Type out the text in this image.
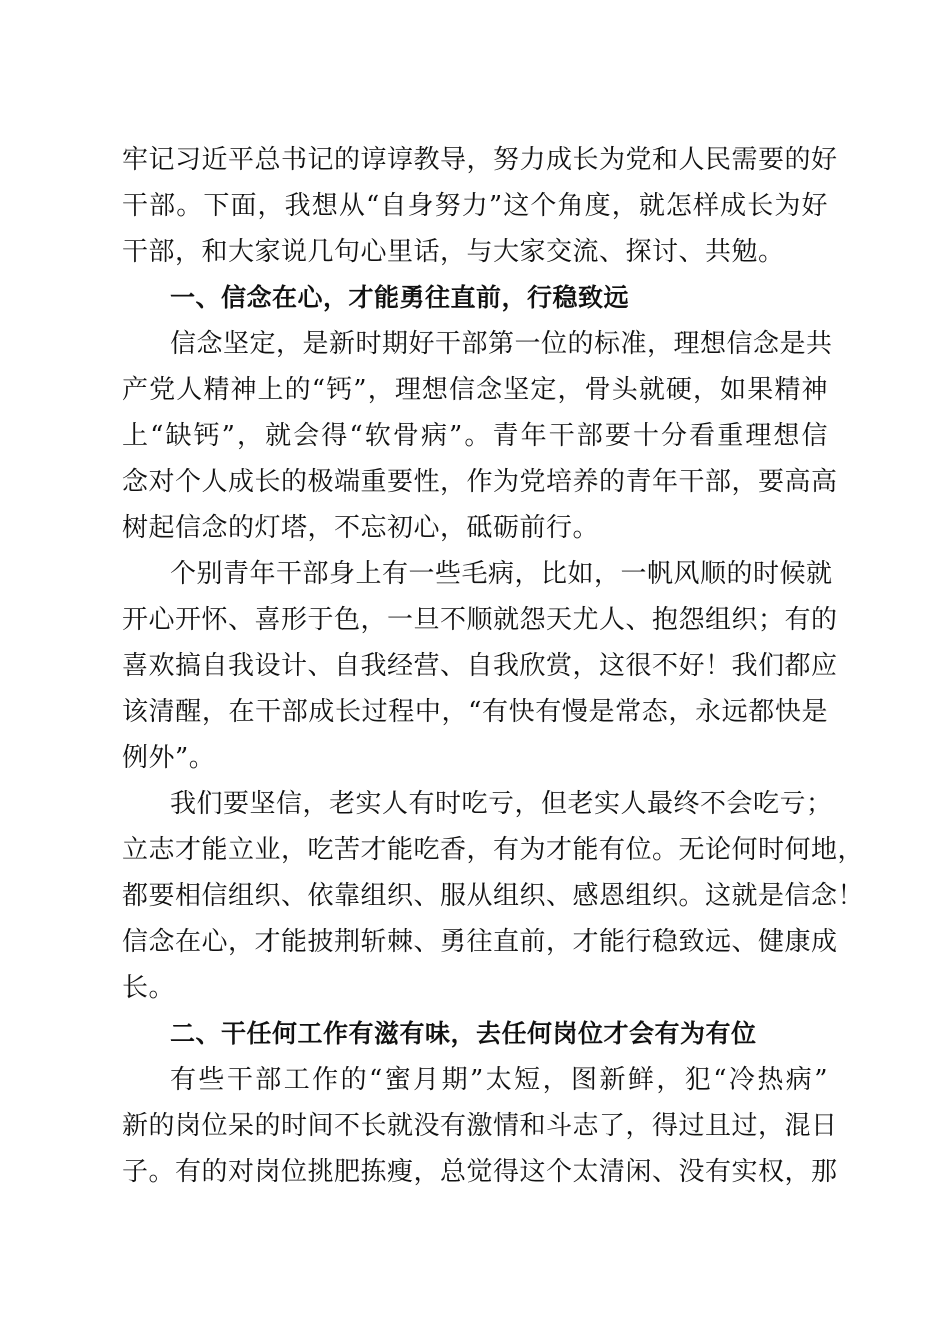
牢记习近平总书记的谆谆教导，努力成长为党和人民需要的好
干部。下面，我想从“自身努力”这个角度，就怎样成长为好
干部，和大家说几句心里话，与大家交流、探讨、共勉。
一、信念在心，才能勇往直前，行稳致远
信念坚定，是新时期好干部第一位的标准，理想信念是共
产党人精神上的“钙”，理想信念坚定，骨头就硬，如果精神
上“缺钙”，就会得“软骨病”。青年干部要十分看重理想信
念对个人成长的极端重要性，作为党培养的青年干部，要高高
树起信念的灯塔，不忘初心，砥砺前行。
个别青年干部身上有一些毛病，比如，一帆风顺的时候就
开心开怀、喜形于色，一旦不顺就怨天尤人、抱怨组织；有的
喜欢搞自我设计、自我经营、自我欣赏，这很不好！我们都应
该清醒，在干部成长过程中，“有快有慢是常态，永远都快是
例外”。
我们要坚信，老实人有时吃亏，但老实人最终不会吃亏；
立志才能立业，吃苦才能吃香，有为才能有位。无论何时何地，
都要相信组织、依靠组织、服从组织、感恩组织。这就是信念！
信念在心，才能披荆斩棘、勇往直前，才能行稳致远、健康成
长。
二、干任何工作有滋有味，去任何岗位才会有为有位
有些干部工作的“蜜月期”太短，图新鲜，犯“冷热病”
新的岗位呆的时间不长就没有激情和斗志了，得过且过，混日
子。有的对岗位挑肥拣瘦，总觉得这个太清闲、没有实权，那
